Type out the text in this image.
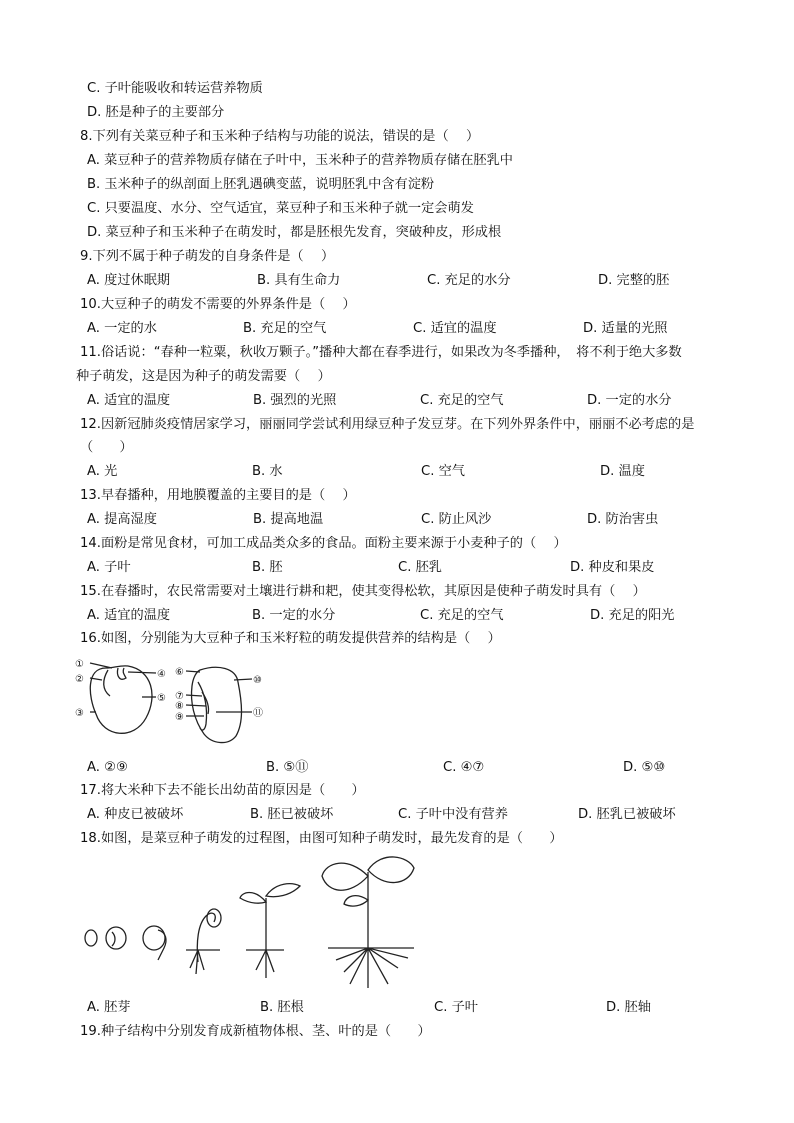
C. 子叶能吸收和转运营养物质
D. 胚是种子的主要部分
8.下列有关菜豆种子和玉米种子结构与功能的说法，错误的是（　 ）
A. 菜豆种子的营养物质存储在子叶中，玉米种子的营养物质存储在胚乳中
B. 玉米种子的纵剖面上胚乳遇碘变蓝，说明胚乳中含有淀粉
C. 只要温度、水分、空气适宜，菜豆种子和玉米种子就一定会萌发
D. 菜豆种子和玉米种子在萌发时，都是胚根先发育，突破种皮，形成根
9.下列不属于种子萌发的自身条件是（　 ）
A. 度过休眠期	B. 具有生命力	C. 充足的水分	D. 完整的胚
10.大豆种子的萌发不需要的外界条件是（　 ）
A. 一定的水	B. 充足的空气	C. 适宜的温度	D. 适量的光照
11.俗话说：“春种一粒粟，秋收万颗子。”播种大都在春季进行，如果改为冬季播种，　将不利于绝大多数
种子萌发，这是因为种子的萌发需要（　 ）
A. 适宜的温度	B. 强烈的光照	C. 充足的空气	D. 一定的水分
12.因新冠肺炎疫情居家学习，丽丽同学尝试利用绿豆种子发豆芽。在下列外界条件中，丽丽不必考虑的是
（　　）
A. 光	B. 水	C. 空气	D. 温度
13.早春播种，用地膜覆盖的主要目的是（　 ）
A. 提高湿度	B. 提高地温	C. 防止风沙	D. 防治害虫
14.面粉是常见食材，可加工成品类众多的食品。面粉主要来源于小麦种子的（　 ）
A. 子叶	B. 胚	C. 胚乳	D. 种皮和果皮
15.在春播时，农民常需要对土壤进行耕和耙，使其变得松软，其原因是使种子萌发时具有（　 ）
A. 适宜的温度	B. 一定的水分	C. 充足的空气	D. 充足的阳光
16.如图，分别能为大豆种子和玉米籽粒的萌发提供营养的结构是（　 ）
①
②
③
④
⑤
⑥
⑦
⑧
⑨
⑩
⑪
A. ②⑨	B. ⑤⑪	C. ④⑦	D. ⑤⑩
17.将大米种下去不能长出幼苗的原因是（　　）
A. 种皮已被破坏	B. 胚已被破坏	C. 子叶中没有营养	D. 胚乳已被破坏
18.如图，是菜豆种子萌发的过程图，由图可知种子萌发时，最先发育的是（　　）
A. 胚芽	B. 胚根	C. 子叶	D. 胚轴
19.种子结构中分别发育成新植物体根、茎、叶的是（　　）
